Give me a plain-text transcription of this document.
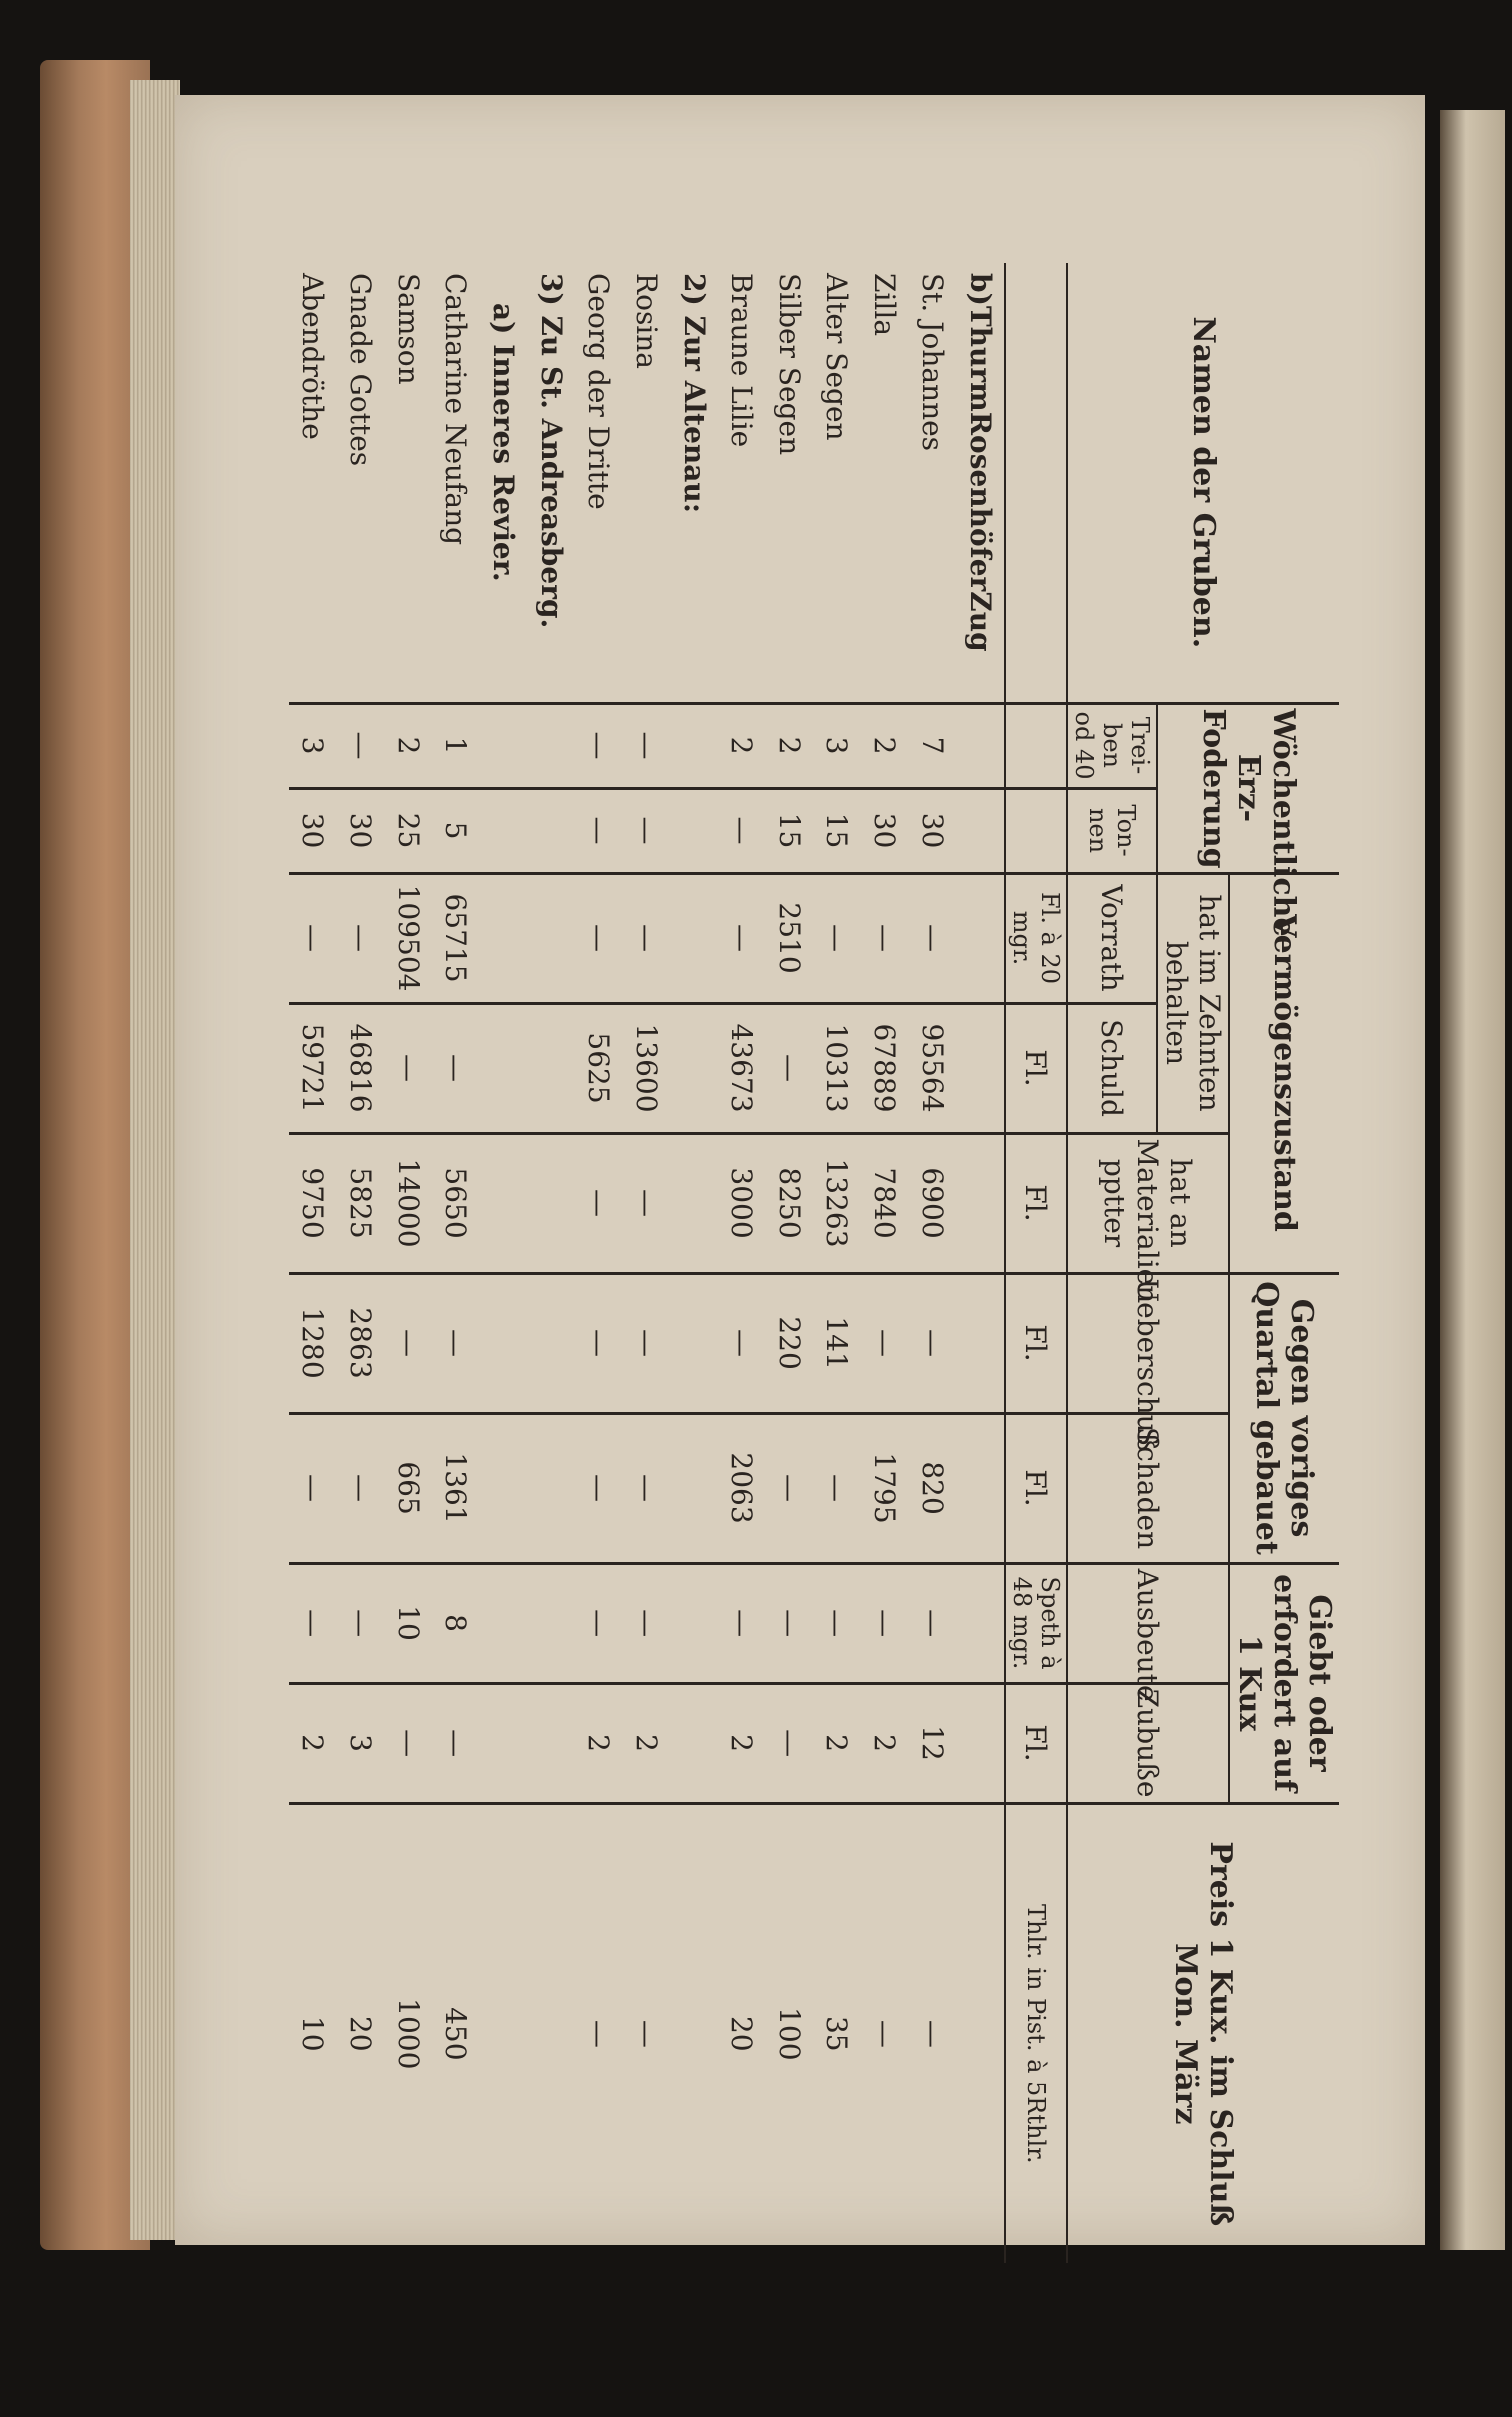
Namen der Gruben.	Wöchentliche Erz-Foderung		Vermögenszustand			Gegen voriges Quartal gebauet		Giebt oder erfordert auf 1 Kux		Preis 1 Kux. im Schluß Mon. März
			hat im Zehnten behalten		hat an Materialien pptter	Ueberschuß	Schaden	Ausbeute	Zubuße	
	Trei-ben od 40	Ton-nen	Vorrath	Schuld						
			Fl. à 20 mgr.	Fl.	Fl.	Fl.	Fl.	Speth à 48 mgr.	Fl.	Thlr. in Pist. à 5Rthlr.
b)ThurmRosenhöferZug										
St. Johannes	7	30	—	95564	6900	—	820	—	12	—
Zilla	2	30	—	67889	7840	—	1795	—	2	—
Alter Segen	3	15	—	10313	13263	141	—	—	2	35
Silber Segen	2	15	2510	—	8250	220	—	—	—	100
Braune Lilie	2	—	—	43673	3000	—	2063	—	2	20
2) Zur Altenau:										
Rosina	—	—	—	13600	—	—	—	—	2	—
Georg der Dritte	—	—	—	5625	—	—	—	—	2	—
3) Zu St. Andreasberg.										
a) Inneres Revier.										
Catharine Neufang	1	5	65715	—	5650	—	1361	8	—	450
Samson	2	25	109504	—	14000	—	665	10	—	1000
Gnade Gottes	—	30	—	46816	5825	2863	—	—	3	20
Abendröthe	3	30	—	59721	9750	1280	—	—	2	10
